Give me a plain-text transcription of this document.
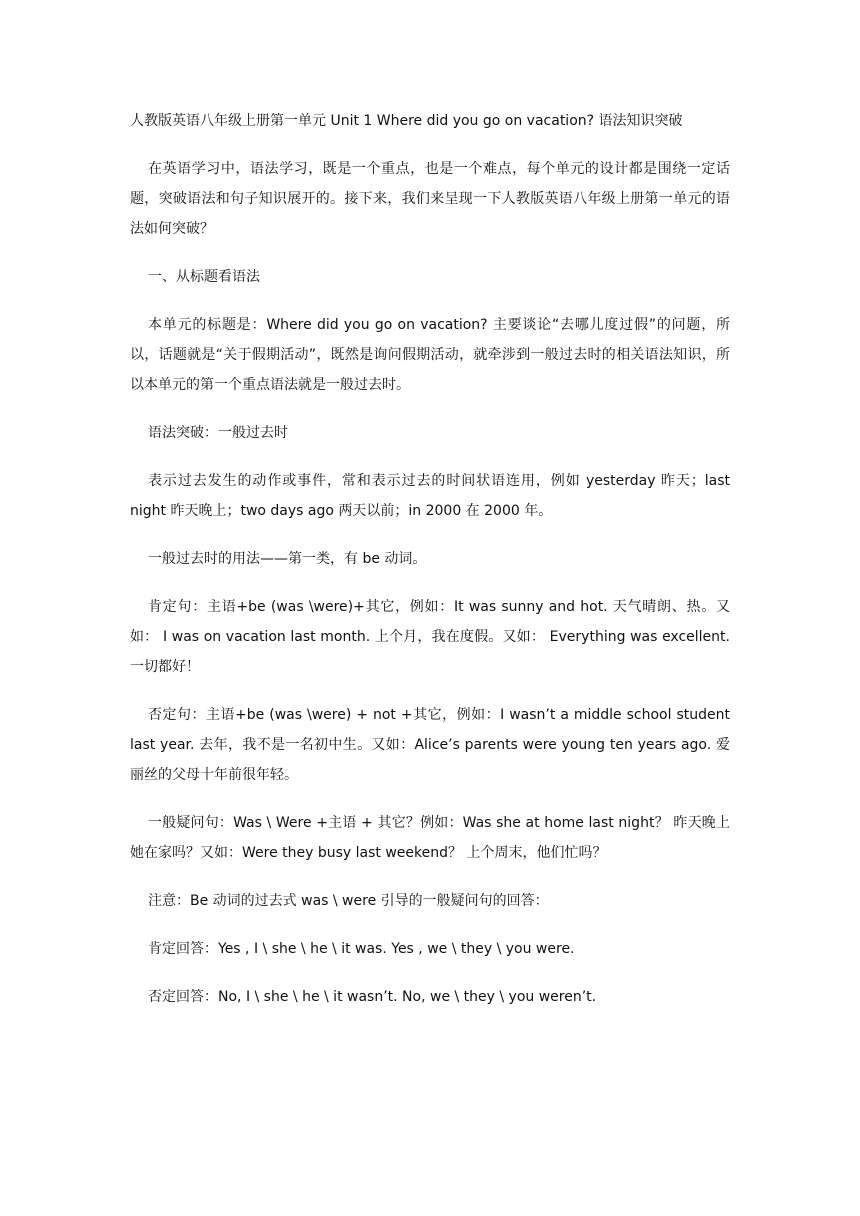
人教版英语八年级上册第一单元 Unit 1 Where did you go on vacation? 语法知识突破

在英语学习中，语法学习，既是一个重点，也是一个难点，每个单元的设计都是围绕一定话题，突破语法和句子知识展开的。接下来，我们来呈现一下人教版英语八年级上册第一单元的语法如何突破？

一、从标题看语法

本单元的标题是：Where did you go on vacation? 主要谈论“去哪儿度过假”的问题，所以，话题就是“关于假期活动”，既然是询问假期活动，就牵涉到一般过去时的相关语法知识，所以本单元的第一个重点语法就是一般过去时。

语法突破：一般过去时

表示过去发生的动作或事件，常和表示过去的时间状语连用，例如 yesterday 昨天；last night 昨天晚上；two days ago 两天以前；in 2000 在 2000 年。

一般过去时的用法——第一类，有 be 动词。

肯定句：主语+be (was \were)+其它，例如：It was sunny and hot. 天气晴朗、热。又如： I was on vacation last month. 上个月，我在度假。又如： Everything was excellent. 一切都好！

否定句：主语+be (was \were) + not +其它，例如：I wasn’t a middle school student last year. 去年，我不是一名初中生。又如：Alice’s parents were young ten years ago. 爱丽丝的父母十年前很年轻。

一般疑问句：Was \ Were +主语 + 其它？例如：Was she at home last night？ 昨天晚上她在家吗？又如：Were they busy last weekend？ 上个周末，他们忙吗？

注意：Be 动词的过去式 was \ were 引导的一般疑问句的回答：

肯定回答：Yes , I \ she \ he \ it was. Yes , we \ they \ you were.

否定回答：No, I \ she \ he \ it wasn’t. No, we \ they \ you weren’t.
